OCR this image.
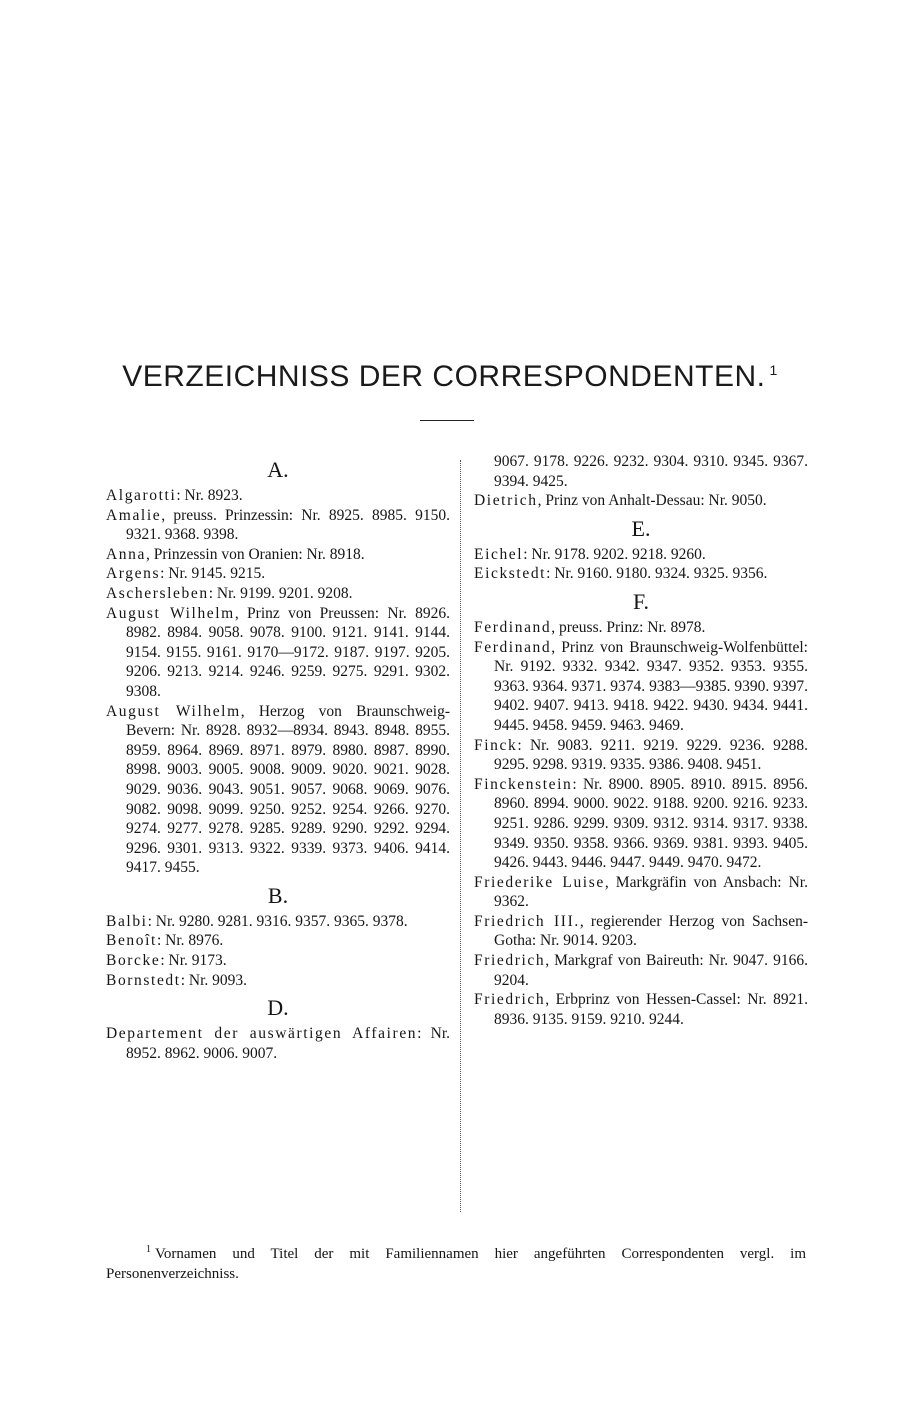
VERZEICHNISS DER CORRESPONDENTEN. $^1$
A.

Algarotti: Nr. 8923.

Amalie, preuss. Prinzessin: Nr. 8925. 8985. 9150. 9321. 9368. 9398.

Anna, Prinzessin von Oranien: Nr. 8918.

Argens: Nr. 9145. 9215.

Aschersleben: Nr. 9199. 9201. 9208.

August Wilhelm, Prinz von Preussen: Nr. 8926. 8982. 8984. 9058. 9078. 9100. 9121. 9141. 9144. 9154. 9155. 9161. 9170—9172. 9187. 9197. 9205. 9206. 9213. 9214. 9246. 9259. 9275. 9291. 9302. 9308.

August Wilhelm, Herzog von Braunschweig-Bevern: Nr. 8928. 8932—8934. 8943. 8948. 8955. 8959. 8964. 8969. 8971. 8979. 8980. 8987. 8990. 8998. 9003. 9005. 9008. 9009. 9020. 9021. 9028. 9029. 9036. 9043. 9051. 9057. 9068. 9069. 9076. 9082. 9098. 9099. 9250. 9252. 9254. 9266. 9270. 9274. 9277. 9278. 9285. 9289. 9290. 9292. 9294. 9296. 9301. 9313. 9322. 9339. 9373. 9406. 9414. 9417. 9455.

B.

Balbi: Nr. 9280. 9281. 9316. 9357. 9365. 9378.

Benoît: Nr. 8976.

Borcke: Nr. 9173.

Bornstedt: Nr. 9093.

D.

Departement der auswärtigen Affairen: Nr. 8952. 8962. 9006. 9007.

9067. 9178. 9226. 9232. 9304. 9310. 9345. 9367. 9394. 9425.

Dietrich, Prinz von Anhalt-Dessau: Nr. 9050.

E.

Eichel: Nr. 9178. 9202. 9218. 9260.

Eickstedt: Nr. 9160. 9180. 9324. 9325. 9356.

F.

Ferdinand, preuss. Prinz: Nr. 8978.

Ferdinand, Prinz von Braunschweig-Wolfenbüttel: Nr. 9192. 9332. 9342. 9347. 9352. 9353. 9355. 9363. 9364. 9371. 9374. 9383—9385. 9390. 9397. 9402. 9407. 9413. 9418. 9422. 9430. 9434. 9441. 9445. 9458. 9459. 9463. 9469.

Finck: Nr. 9083. 9211. 9219. 9229. 9236. 9288. 9295. 9298. 9319. 9335. 9386. 9408. 9451.

Finckenstein: Nr. 8900. 8905. 8910. 8915. 8956. 8960. 8994. 9000. 9022. 9188. 9200. 9216. 9233. 9251. 9286. 9299. 9309. 9312. 9314. 9317. 9338. 9349. 9350. 9358. 9366. 9369. 9381. 9393. 9405. 9426. 9443. 9446. 9447. 9449. 9470. 9472.

Friederike Luise, Markgräfin von Ansbach: Nr. 9362.

Friedrich III., regierender Herzog von Sachsen-Gotha: Nr. 9014. 9203.

Friedrich, Markgraf von Baireuth: Nr. 9047. 9166. 9204.

Friedrich, Erbprinz von Hessen-Cassel: Nr. 8921. 8936. 9135. 9159. 9210. 9244.

$^1$ Vornamen und Titel der mit Familiennamen hier angeführten Correspondenten vergl. im Personenverzeichniss.
